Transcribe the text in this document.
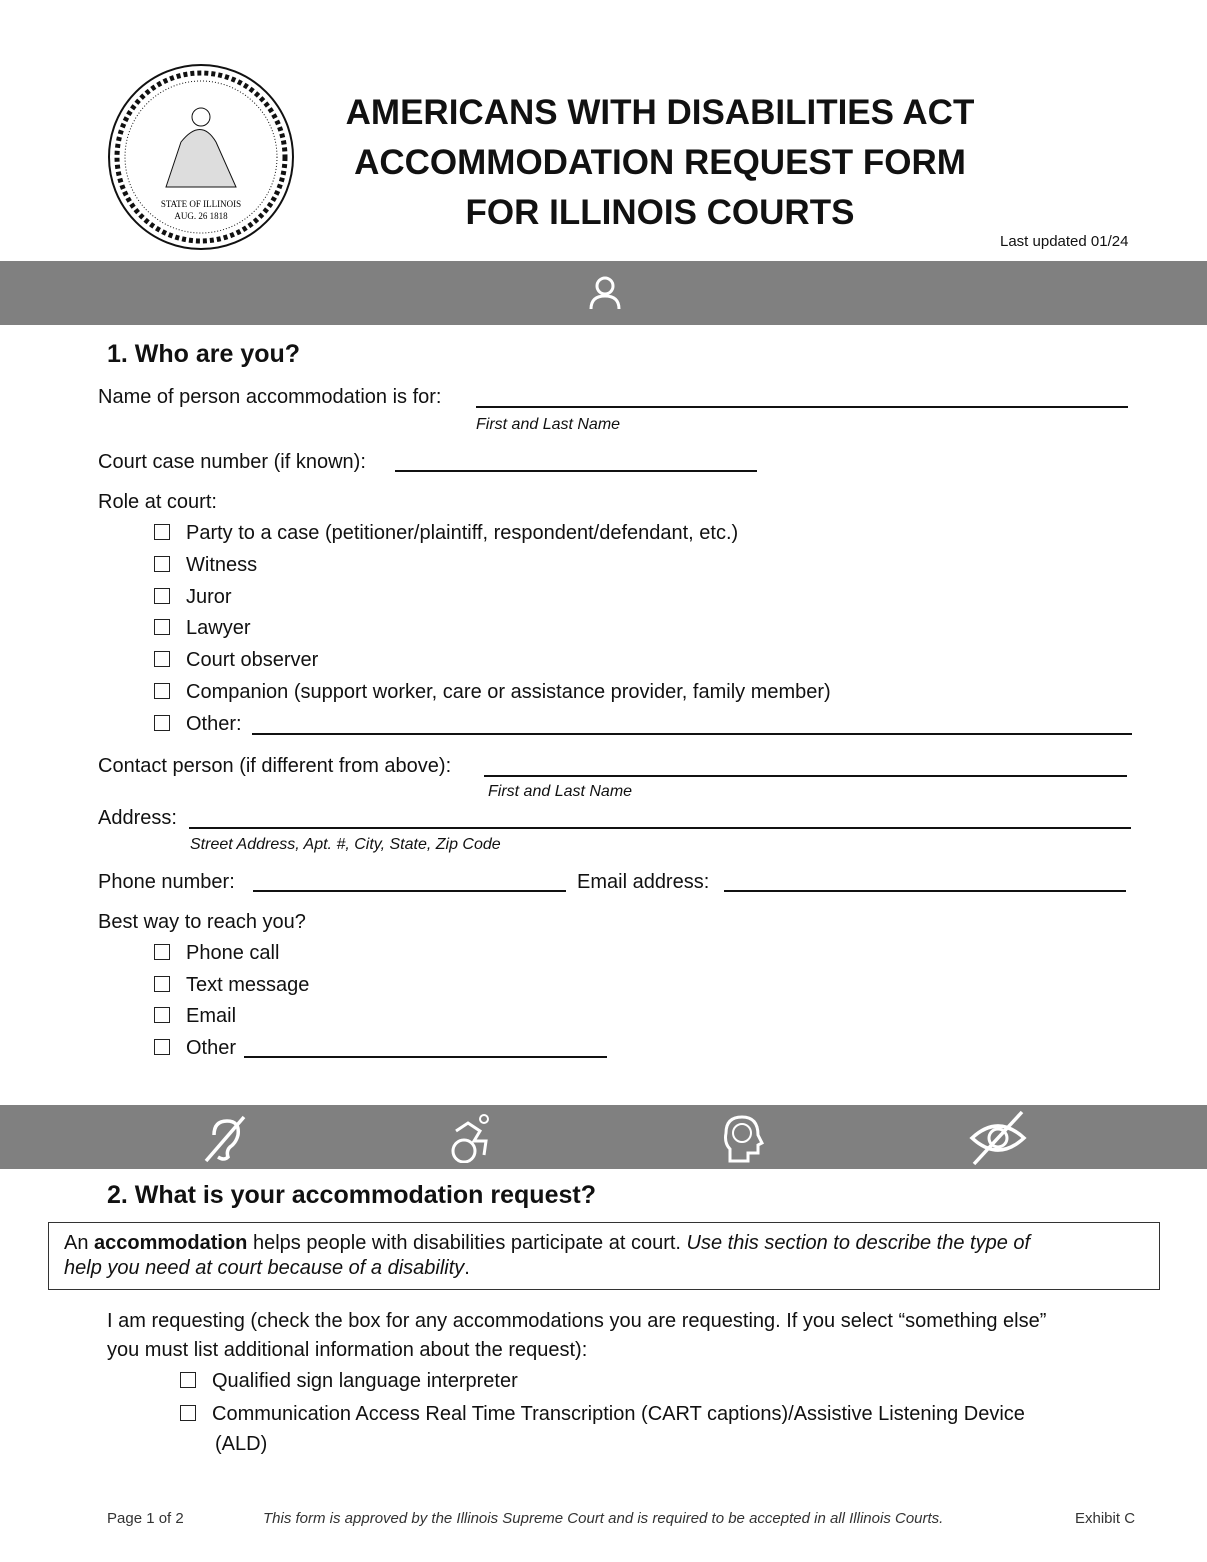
STATE OF ILLINOIS
AUG. 26 1818
AMERICANS WITH DISABILITIES ACT
ACCOMMODATION REQUEST FORM
FOR ILLINOIS COURTS
Last updated 01/24
1. Who are you?
Name of person accommodation is for:
First and Last Name
Court case number (if known):
Role at court:
Party to a case (petitioner/plaintiff, respondent/defendant, etc.)
Witness
Juror
Lawyer
Court observer
Companion (support worker, care or assistance provider, family member)
Other:
Contact person (if different from above):
First and Last Name
Address:
Street Address, Apt. #, City, State, Zip Code
Phone number:	Email address:
Best way to reach you?
Phone call
Text message
Email
Other
2. What is your accommodation request?
An accommodation helps people with disabilities participate at court. Use this section to describe the type of
help you need at court because of a disability.
I am requesting (check the box for any accommodations you are requesting. If you select “something else”
you must list additional information about the request):
Qualified sign language interpreter
Communication Access Real Time Transcription (CART captions)/Assistive Listening Device
(ALD)
Page 1 of 2	This form is approved by the Illinois Supreme Court and is required to be accepted in all Illinois Courts.	Exhibit C
